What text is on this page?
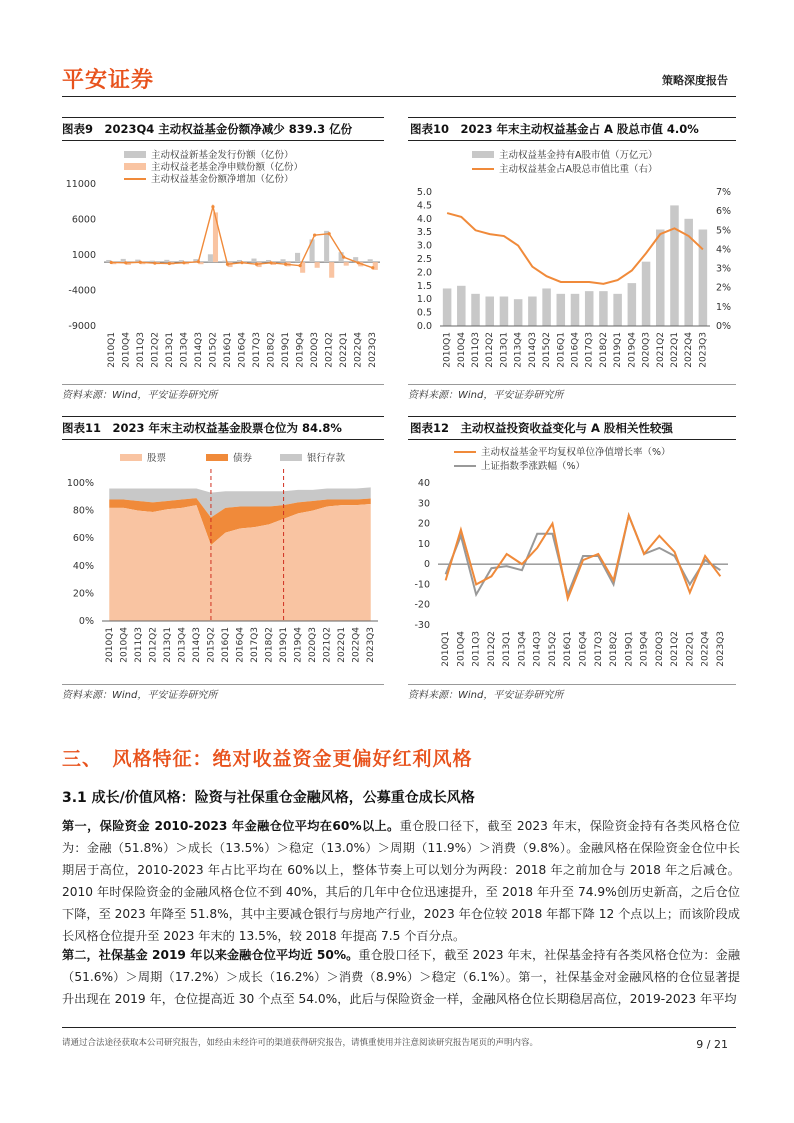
平安证券	策略深度报告
图表9　2023Q4 主动权益基金份额净减少 839.3 亿份
主动权益新基金发行份额（亿份）
主动权益老基金净申赎份额（亿份）
主动权益基金份额净增加（亿份）
11000
6000
1000
-4000
-9000
2010Q1 2010Q4 2011Q3 2012Q2 2013Q1 2013Q4 2014Q3 2015Q2 2016Q1 2016Q4 2017Q3 2018Q2 2019Q1 2019Q4 2020Q3 2021Q2 2022Q1 2022Q4 2023Q3
资料来源：Wind，平安证券研究所
图表10　2023 年末主动权益基金占 A 股总市值 4.0%
主动权益基金持有A股市值（万亿元）
主动权益基金占A股总市值比重（右）
5.0
4.5
4.0
3.5
3.0
2.5
2.0
1.5
1.0
0.5
0.0
7%
6%
5%
4%
3%
2%
1%
0%
2010Q1 2010Q4 2011Q3 2012Q2 2013Q1 2013Q4 2014Q3 2015Q2 2016Q1 2016Q4 2017Q3 2018Q2 2019Q1 2019Q4 2020Q3 2021Q2 2022Q1 2022Q4 2023Q3
资料来源：Wind，平安证券研究所
图表11　2023 年末主动权益基金股票仓位为 84.8%
股票	债券	银行存款
100%
80%
60%
40%
20%
0%
2010Q1 2010Q4 2011Q3 2012Q2 2013Q1 2013Q4 2014Q3 2015Q2 2016Q1 2016Q4 2017Q3 2018Q2 2019Q1 2019Q4 2020Q3 2021Q2 2022Q1 2022Q4 2023Q3
资料来源：Wind，平安证券研究所
图表12　主动权益投资收益变化与 A 股相关性较强
主动权益基金平均复权单位净值增长率（%）
上证指数季涨跌幅（%）
40
30
20
10
0
-10
-20
-30
2010Q1 2010Q4 2011Q3 2012Q2 2013Q1 2013Q4 2014Q3 2015Q2 2016Q1 2016Q4 2017Q3 2018Q2 2019Q1 2019Q4 2020Q3 2021Q2 2022Q1 2022Q4 2023Q3
资料来源：Wind，平安证券研究所
三、　风格特征：绝对收益资金更偏好红利风格
3.1 成长/价值风格：险资与社保重仓金融风格，公募重仓成长风格
第一，保险资金 2010-2023 年金融仓位平均在60%以上。重仓股口径下，截至 2023 年末，保险资金持有各类风格仓位为：金融（51.8%）＞成长（13.5%）＞稳定（13.0%）＞周期（11.9%）＞消费（9.8%）。金融风格在保险资金仓位中长期居于高位，2010-2023 年占比平均在 60%以上，整体节奏上可以划分为两段：2018 年之前加仓与 2018 年之后减仓。2010 年时保险资金的金融风格仓位不到 40%，其后的几年中仓位迅速提升，至 2018 年升至 74.9%创历史新高，之后仓位下降，至 2023 年降至 51.8%，其中主要减仓银行与房地产行业，2023 年仓位较 2018 年都下降 12 个点以上；而该阶段成长风格仓位提升至 2023 年末的 13.5%，较 2018 年提高 7.5 个百分点。
第二，社保基金 2019 年以来金融仓位平均近 50%。重仓股口径下，截至 2023 年末，社保基金持有各类风格仓位为：金融（51.6%）＞周期（17.2%）＞成长（16.2%）＞消费（8.9%）＞稳定（6.1%）。第一，社保基金对金融风格的仓位显著提升出现在 2019 年，仓位提高近 30 个点至 54.0%，此后与保险资金一样，金融风格仓位长期稳居高位，2019-2023 年平均
请通过合法途径获取本公司研究报告，如经由未经许可的渠道获得研究报告，请慎重使用并注意阅读研究报告尾页的声明内容。	9 / 21
